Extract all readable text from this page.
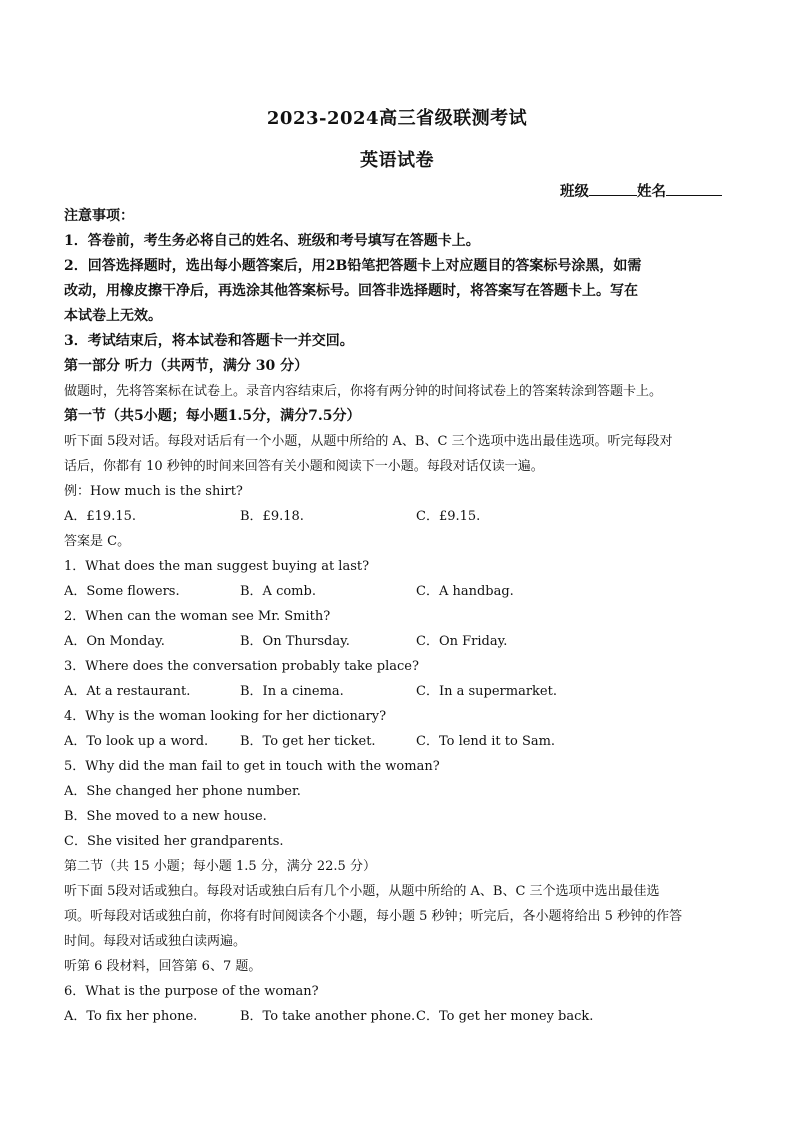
2023-2024高三省级联测考试
英语试卷
班级	姓名
注意事项：
1．答卷前，考生务必将自己的姓名、班级和考号填写在答题卡上。
2．回答选择题时，选出每小题答案后，用2B铅笔把答题卡上对应题目的答案标号涂黑，如需
改动，用橡皮擦干净后，再选涂其他答案标号。回答非选择题时，将答案写在答题卡上。写在
本试卷上无效。
3．考试结束后，将本试卷和答题卡一并交回。
第一部分 听力（共两节，满分 30 分）
做题时，先将答案标在试卷上。录音内容结束后，你将有两分钟的时间将试卷上的答案转涂到答题卡上。
第一节（共5小题；每小题1.5分，满分7.5分）
听下面 5段对话。每段对话后有一个小题，从题中所给的 A、B、C 三个选项中选出最佳选项。听完每段对
话后，你都有 10 秒钟的时间来回答有关小题和阅读下一小题。每段对话仅读一遍。
例：How much is the shirt?
A．£19.15.	B．£9.18.	C．£9.15.
答案是 C。
1．What does the man suggest buying at last?
A．Some flowers.	B．A comb.	C．A handbag.
2．When can the woman see Mr. Smith?
A．On Monday.	B．On Thursday.	C．On Friday.
3．Where does the conversation probably take place?
A．At a restaurant.	B．In a cinema.	C．In a supermarket.
4．Why is the woman looking for her dictionary?
A．To look up a word. B．To get her ticket.	C．To lend it to Sam.
5．Why did the man fail to get in touch with the woman?
A．She changed her phone number.
B．She moved to a new house.
C．She visited her grandparents.
第二节（共 15 小题；每小题 1.5 分，满分 22.5 分）
听下面 5段对话或独白。每段对话或独白后有几个小题，从题中所给的 A、B、C 三个选项中选出最佳选
项。听每段对话或独白前，你将有时间阅读各个小题，每小题 5 秒钟；听完后，各小题将给出 5 秒钟的作答
时间。每段对话或独白读两遍。
听第 6 段材料，回答第 6、7 题。
6．What is the purpose of the woman?
A．To fix her phone.	B．To take another phone. C．To get her money back.
